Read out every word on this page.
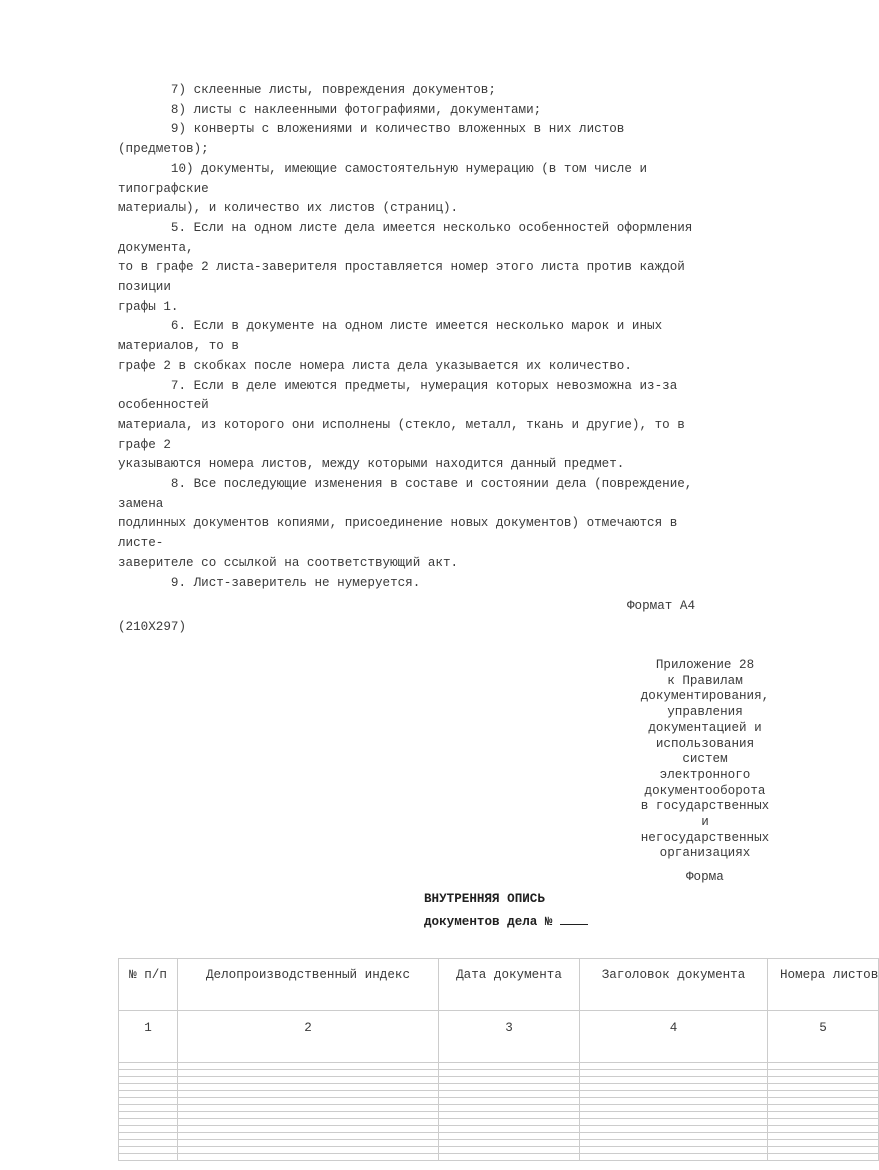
7) склеенные листы, повреждения документов;
8) листы с наклеенными фотографиями, документами;
9) конверты с вложениями и количество вложенных в них листов
(предметов);
10) документы, имеющие самостоятельную нумерацию (в том числе и
типографские
материалы), и количество их листов (страниц).
5. Если на одном листе дела имеется несколько особенностей оформления
документа,
то в графе 2 листа-заверителя проставляется номер этого листа против каждой
позиции
графы 1.
6. Если в документе на одном листе имеется несколько марок и иных
материалов, то в
графе 2 в скобках после номера листа дела указывается их количество.
7. Если в деле имеются предметы, нумерация которых невозможна из-за
особенностей
материала, из которого они исполнены (стекло, металл, ткань и другие), то в
графе 2
указываются номера листов, между которыми находится данный предмет.
8. Все последующие изменения в составе и состоянии дела (повреждение,
замена
подлинных документов копиями, присоединение новых документов) отмечаются в
листе-
заверителе со ссылкой на соответствующий акт.
9. Лист-заверитель не нумеруется.
Формат А4
(210Х297)
Приложение 28
к Правилам
документирования,
управления
документацией и
использования
систем
электронного
документооборота
в государственных
и
негосударственных
организациях
Форма
ВНУТРЕННЯЯ ОПИСЬ
документов дела №
№ п/п	Делопроизводственный индекс	Дата документа	Заголовок документа	Номера листов
1	2	3	4	5
